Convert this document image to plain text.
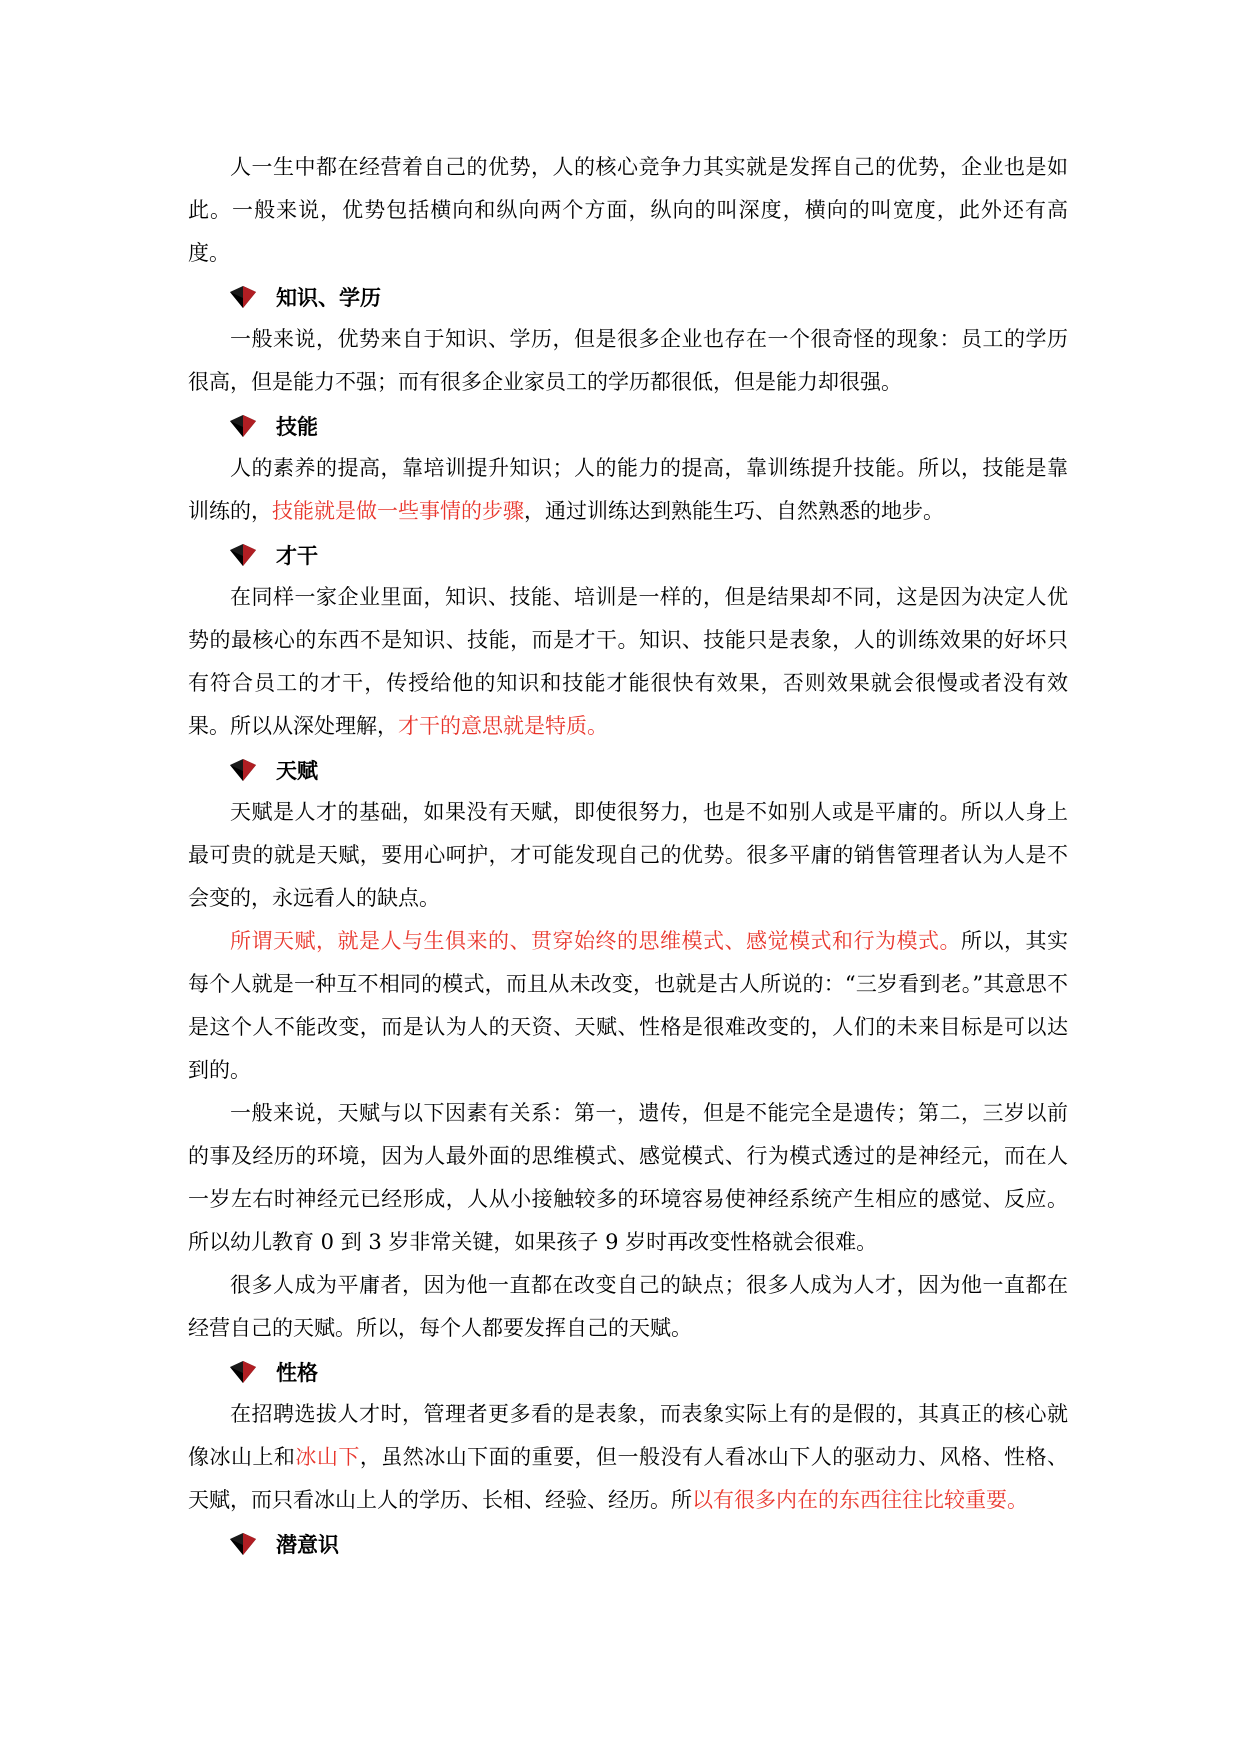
人一生中都在经营着自己的优势，人的核心竞争力其实就是发挥自己的优势，企业也是如此。一般来说，优势包括横向和纵向两个方面，纵向的叫深度，横向的叫宽度，此外还有高度。

知识、学历

一般来说，优势来自于知识、学历，但是很多企业也存在一个很奇怪的现象：员工的学历很高，但是能力不强；而有很多企业家员工的学历都很低，但是能力却很强。

技能

人的素养的提高，靠培训提升知识；人的能力的提高，靠训练提升技能。所以，技能是靠训练的，技能就是做一些事情的步骤，通过训练达到熟能生巧、自然熟悉的地步。

才干

在同样一家企业里面，知识、技能、培训是一样的，但是结果却不同，这是因为决定人优势的最核心的东西不是知识、技能，而是才干。知识、技能只是表象，人的训练效果的好坏只有符合员工的才干，传授给他的知识和技能才能很快有效果，否则效果就会很慢或者没有效果。所以从深处理解，才干的意思就是特质。

天赋

天赋是人才的基础，如果没有天赋，即使很努力，也是不如别人或是平庸的。所以人身上最可贵的就是天赋，要用心呵护，才可能发现自己的优势。很多平庸的销售管理者认为人是不会变的，永远看人的缺点。

所谓天赋，就是人与生俱来的、贯穿始终的思维模式、感觉模式和行为模式。所以，其实每个人就是一种互不相同的模式，而且从未改变，也就是古人所说的：“三岁看到老。”其意思不是这个人不能改变，而是认为人的天资、天赋、性格是很难改变的，人们的未来目标是可以达到的。

一般来说，天赋与以下因素有关系：第一，遗传，但是不能完全是遗传；第二，三岁以前的事及经历的环境，因为人最外面的思维模式、感觉模式、行为模式透过的是神经元，而在人一岁左右时神经元已经形成，人从小接触较多的环境容易使神经系统产生相应的感觉、反应。所以幼儿教育 0 到 3 岁非常关键，如果孩子 9 岁时再改变性格就会很难。

很多人成为平庸者，因为他一直都在改变自己的缺点；很多人成为人才，因为他一直都在经营自己的天赋。所以，每个人都要发挥自己的天赋。

性格

在招聘选拔人才时，管理者更多看的是表象，而表象实际上有的是假的，其真正的核心就像冰山上和冰山下，虽然冰山下面的重要，但一般没有人看冰山下人的驱动力、风格、性格、天赋，而只看冰山上人的学历、长相、经验、经历。所以有很多内在的东西往往比较重要。

潜意识
